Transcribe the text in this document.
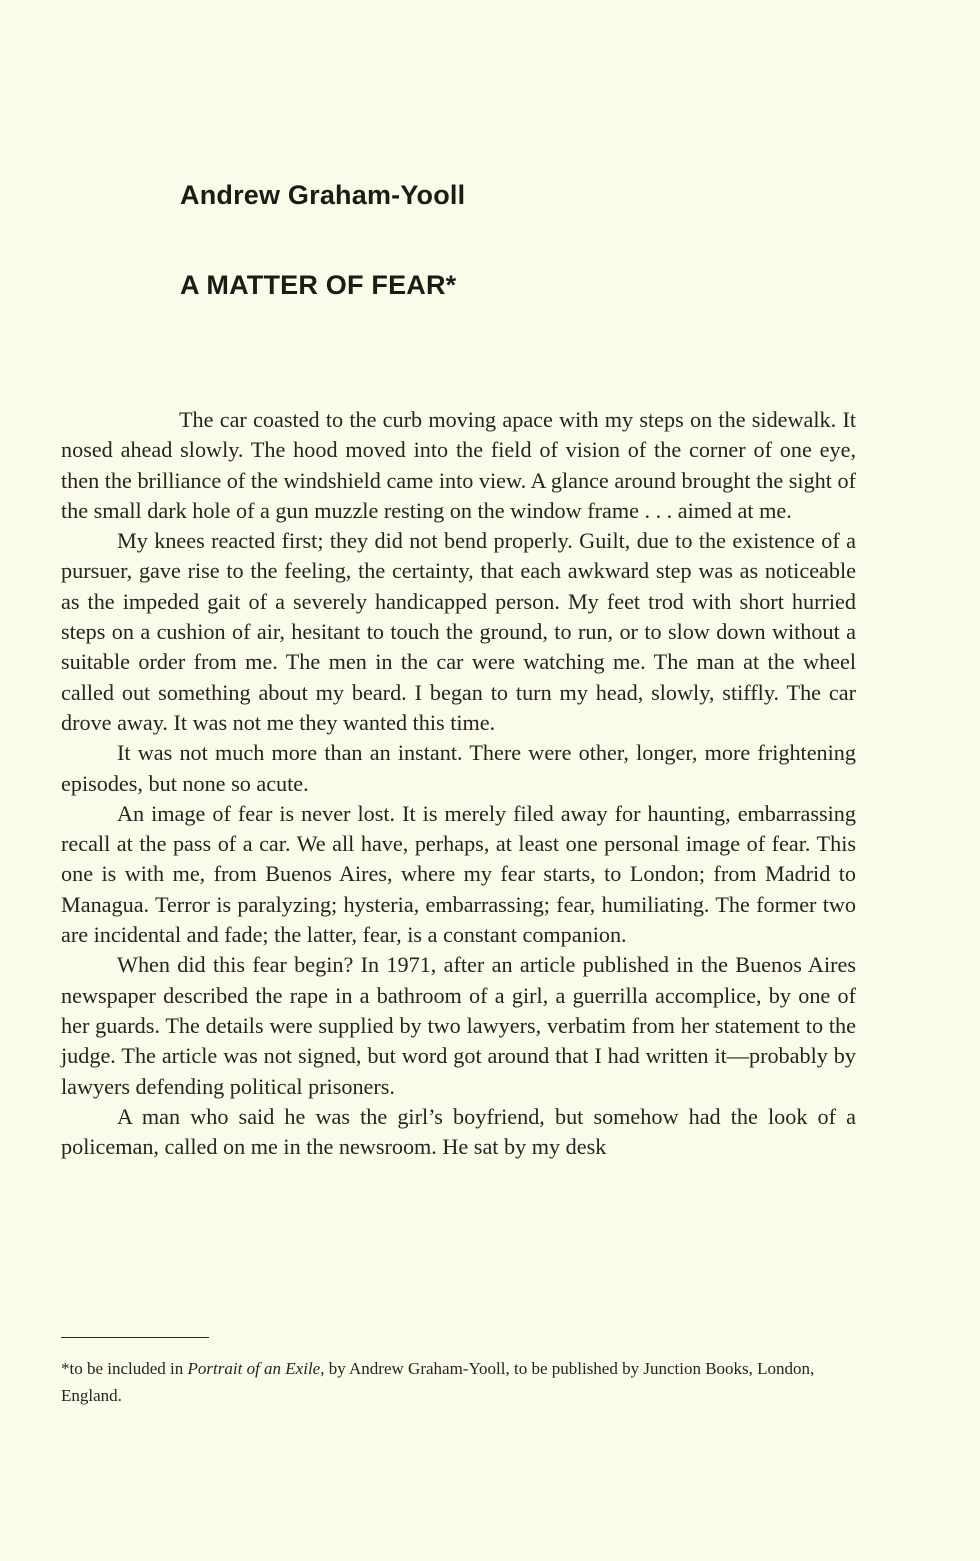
Andrew Graham-Yooll
A MATTER OF FEAR*

The car coasted to the curb moving apace with my steps on the sidewalk. It nosed ahead slowly. The hood moved into the field of vision of the corner of one eye, then the brilliance of the windshield came into view. A glance around brought the sight of the small dark hole of a gun muzzle resting on the window frame . . . aimed at me.

My knees reacted first; they did not bend properly. Guilt, due to the existence of a pursuer, gave rise to the feeling, the certainty, that each awkward step was as noticeable as the impeded gait of a severely handicapped person. My feet trod with short hurried steps on a cushion of air, hesitant to touch the ground, to run, or to slow down without a suitable order from me. The men in the car were watching me. The man at the wheel called out something about my beard. I began to turn my head, slowly, stiffly. The car drove away. It was not me they wanted this time.

It was not much more than an instant. There were other, longer, more frightening episodes, but none so acute.

An image of fear is never lost. It is merely filed away for haunting, embarrassing recall at the pass of a car. We all have, perhaps, at least one personal image of fear. This one is with me, from Buenos Aires, where my fear starts, to London; from Madrid to Managua. Terror is paralyzing; hysteria, embarrassing; fear, humiliating. The former two are incidental and fade; the latter, fear, is a constant companion.

When did this fear begin? In 1971, after an article published in the Buenos Aires newspaper described the rape in a bathroom of a girl, a guerrilla accomplice, by one of her guards. The details were supplied by two lawyers, verbatim from her statement to the judge. The article was not signed, but word got around that I had written it—probably by lawyers defending political prisoners.

A man who said he was the girl’s boyfriend, but somehow had the look of a policeman, called on me in the newsroom. He sat by my desk

*to be included in Portrait of an Exile, by Andrew Graham-Yooll, to be published by Junction Books, London, England.
